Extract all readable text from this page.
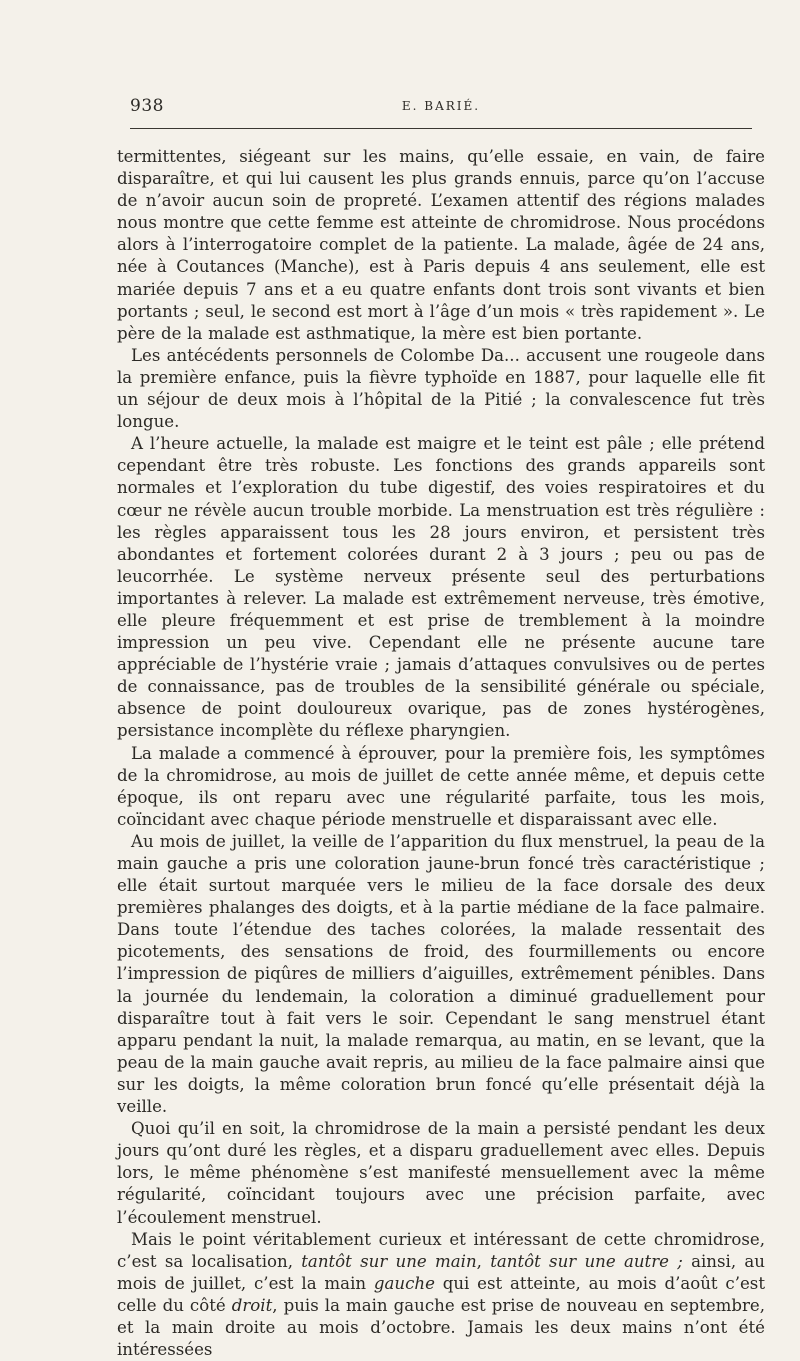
938	E. BARIÉ.

termittentes, siégeant sur les mains, qu’elle essaie, en vain, de faire disparaître, et qui lui causent les plus grands ennuis, parce qu’on l’accuse de n’avoir aucun soin de propreté. L’examen attentif des régions malades nous montre que cette femme est atteinte de chromidrose. Nous procédons alors à l’interrogatoire complet de la patiente. La malade, âgée de 24 ans, née à Coutances (Manche), est à Paris depuis 4 ans seulement, elle est mariée depuis 7 ans et a eu quatre enfants dont trois sont vivants et bien portants ; seul, le second est mort à l’âge d’un mois « très rapidement ». Le père de la malade est asthmatique, la mère est bien portante.

Les antécédents personnels de Colombe Da... accusent une rougeole dans la première enfance, puis la fièvre typhoïde en 1887, pour laquelle elle fit un séjour de deux mois à l’hôpital de la Pitié ; la convalescence fut très longue.

A l’heure actuelle, la malade est maigre et le teint est pâle ; elle prétend cependant être très robuste. Les fonctions des grands appareils sont normales et l’exploration du tube digestif, des voies respiratoires et du cœur ne révèle aucun trouble morbide. La menstruation est très régulière : les règles apparaissent tous les 28 jours environ, et persistent très abondantes et fortement colorées durant 2 à 3 jours ; peu ou pas de leucorrhée. Le système nerveux présente seul des perturbations importantes à relever. La malade est extrêmement nerveuse, très émotive, elle pleure fréquemment et est prise de tremblement à la moindre impression un peu vive. Cependant elle ne présente aucune tare appréciable de l’hystérie vraie ; jamais d’attaques convulsives ou de pertes de connaissance, pas de troubles de la sensibilité générale ou spéciale, absence de point douloureux ovarique, pas de zones hystérogènes, persistance incomplète du réflexe pharyngien.

La malade a commencé à éprouver, pour la première fois, les symptômes de la chromidrose, au mois de juillet de cette année même, et depuis cette époque, ils ont reparu avec une régularité parfaite, tous les mois, coïncidant avec chaque période menstruelle et disparaissant avec elle.

Au mois de juillet, la veille de l’apparition du flux menstruel, la peau de la main gauche a pris une coloration jaune-brun foncé très caractéristique ; elle était surtout marquée vers le milieu de la face dorsale des deux premières phalanges des doigts, et à la partie médiane de la face palmaire. Dans toute l’étendue des taches colorées, la malade ressentait des picotements, des sensations de froid, des fourmillements ou encore l’impression de piqûres de milliers d’aiguilles, extrêmement pénibles. Dans la journée du lendemain, la coloration a diminué graduellement pour disparaître tout à fait vers le soir. Cependant le sang menstruel étant apparu pendant la nuit, la malade remarqua, au matin, en se levant, que la peau de la main gauche avait repris, au milieu de la face palmaire ainsi que sur les doigts, la même coloration brun foncé qu’elle présentait déjà la veille.

Quoi qu’il en soit, la chromidrose de la main a persisté pendant les deux jours qu’ont duré les règles, et a disparu graduellement avec elles. Depuis lors, le même phénomène s’est manifesté mensuellement avec la même régularité, coïncidant toujours avec une précision parfaite, avec l’écoulement menstruel.

Mais le point véritablement curieux et intéressant de cette chromidrose, c’est sa localisation, tantôt sur une main, tantôt sur une autre ; ainsi, au mois de juillet, c’est la main gauche qui est atteinte, au mois d’août c’est celle du côté droit, puis la main gauche est prise de nouveau en septembre, et la main droite au mois d’octobre. Jamais les deux mains n’ont été intéressées
